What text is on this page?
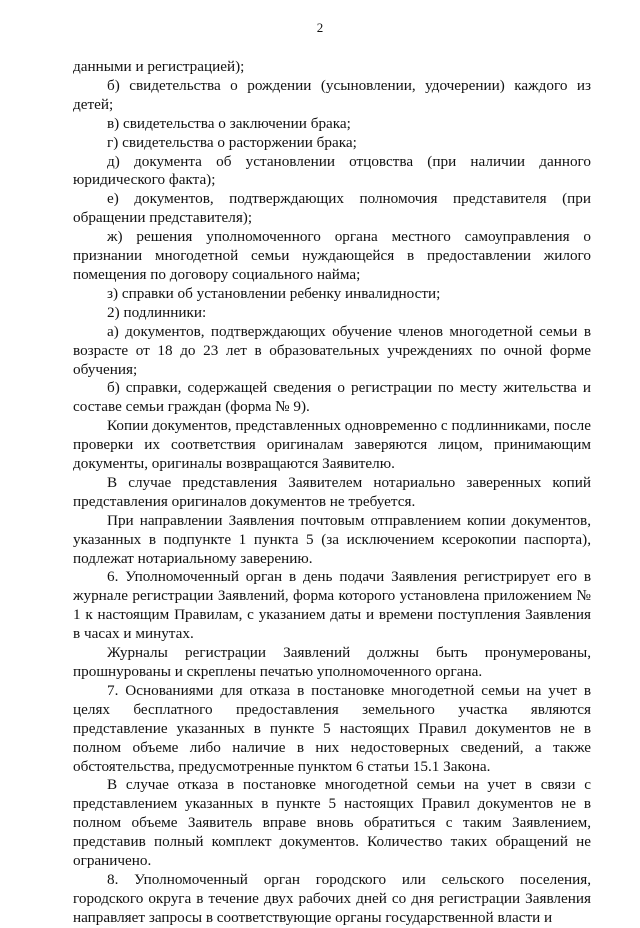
2

данными и регистрацией);

б) свидетельства о рождении (усыновлении, удочерении) каждого из детей;

в) свидетельства о заключении брака;

г) свидетельства о расторжении брака;

д) документа об установлении отцовства (при наличии данного юридического факта);

е) документов, подтверждающих полномочия представителя (при обращении представителя);

ж) решения уполномоченного органа местного самоуправления о признании многодетной семьи нуждающейся в предоставлении жилого помещения по договору социального найма;

з) справки об установлении ребенку инвалидности;

2) подлинники:

а) документов, подтверждающих обучение членов многодетной семьи в возрасте от 18 до 23 лет в образовательных учреждениях по очной форме обучения;

б) справки, содержащей сведения о регистрации по месту жительства и составе семьи граждан (форма № 9).

Копии документов, представленных одновременно с подлинниками, после проверки их соответствия оригиналам заверяются лицом, принимающим документы, оригиналы возвращаются Заявителю.

В случае представления Заявителем нотариально заверенных копий представления оригиналов документов не требуется.

При направлении Заявления почтовым отправлением копии документов, указанных в подпункте 1 пункта 5 (за исключением ксерокопии паспорта), подлежат нотариальному заверению.

6. Уполномоченный орган в день подачи Заявления регистрирует его в журнале регистрации Заявлений, форма которого установлена приложением № 1 к настоящим Правилам, с указанием даты и времени поступления Заявления в часах и минутах.

Журналы регистрации Заявлений должны быть пронумерованы, прошнурованы и скреплены печатью уполномоченного органа.

7. Основаниями для отказа в постановке многодетной семьи на учет в целях бесплатного предоставления земельного участка являются представление указанных в пункте 5 настоящих Правил документов не в полном объеме либо наличие в них недостоверных сведений, а также обстоятельства, предусмотренные пунктом 6 статьи 15.1 Закона.

В случае отказа в постановке многодетной семьи на учет в связи с представлением указанных в пункте 5 настоящих Правил документов не в полном объеме Заявитель вправе вновь обратиться с таким Заявлением, представив полный комплект документов. Количество таких обращений не ограничено.

8. Уполномоченный орган городского или сельского поселения, городского округа в течение двух рабочих дней со дня регистрации Заявления направляет запросы в соответствующие органы государственной власти и
